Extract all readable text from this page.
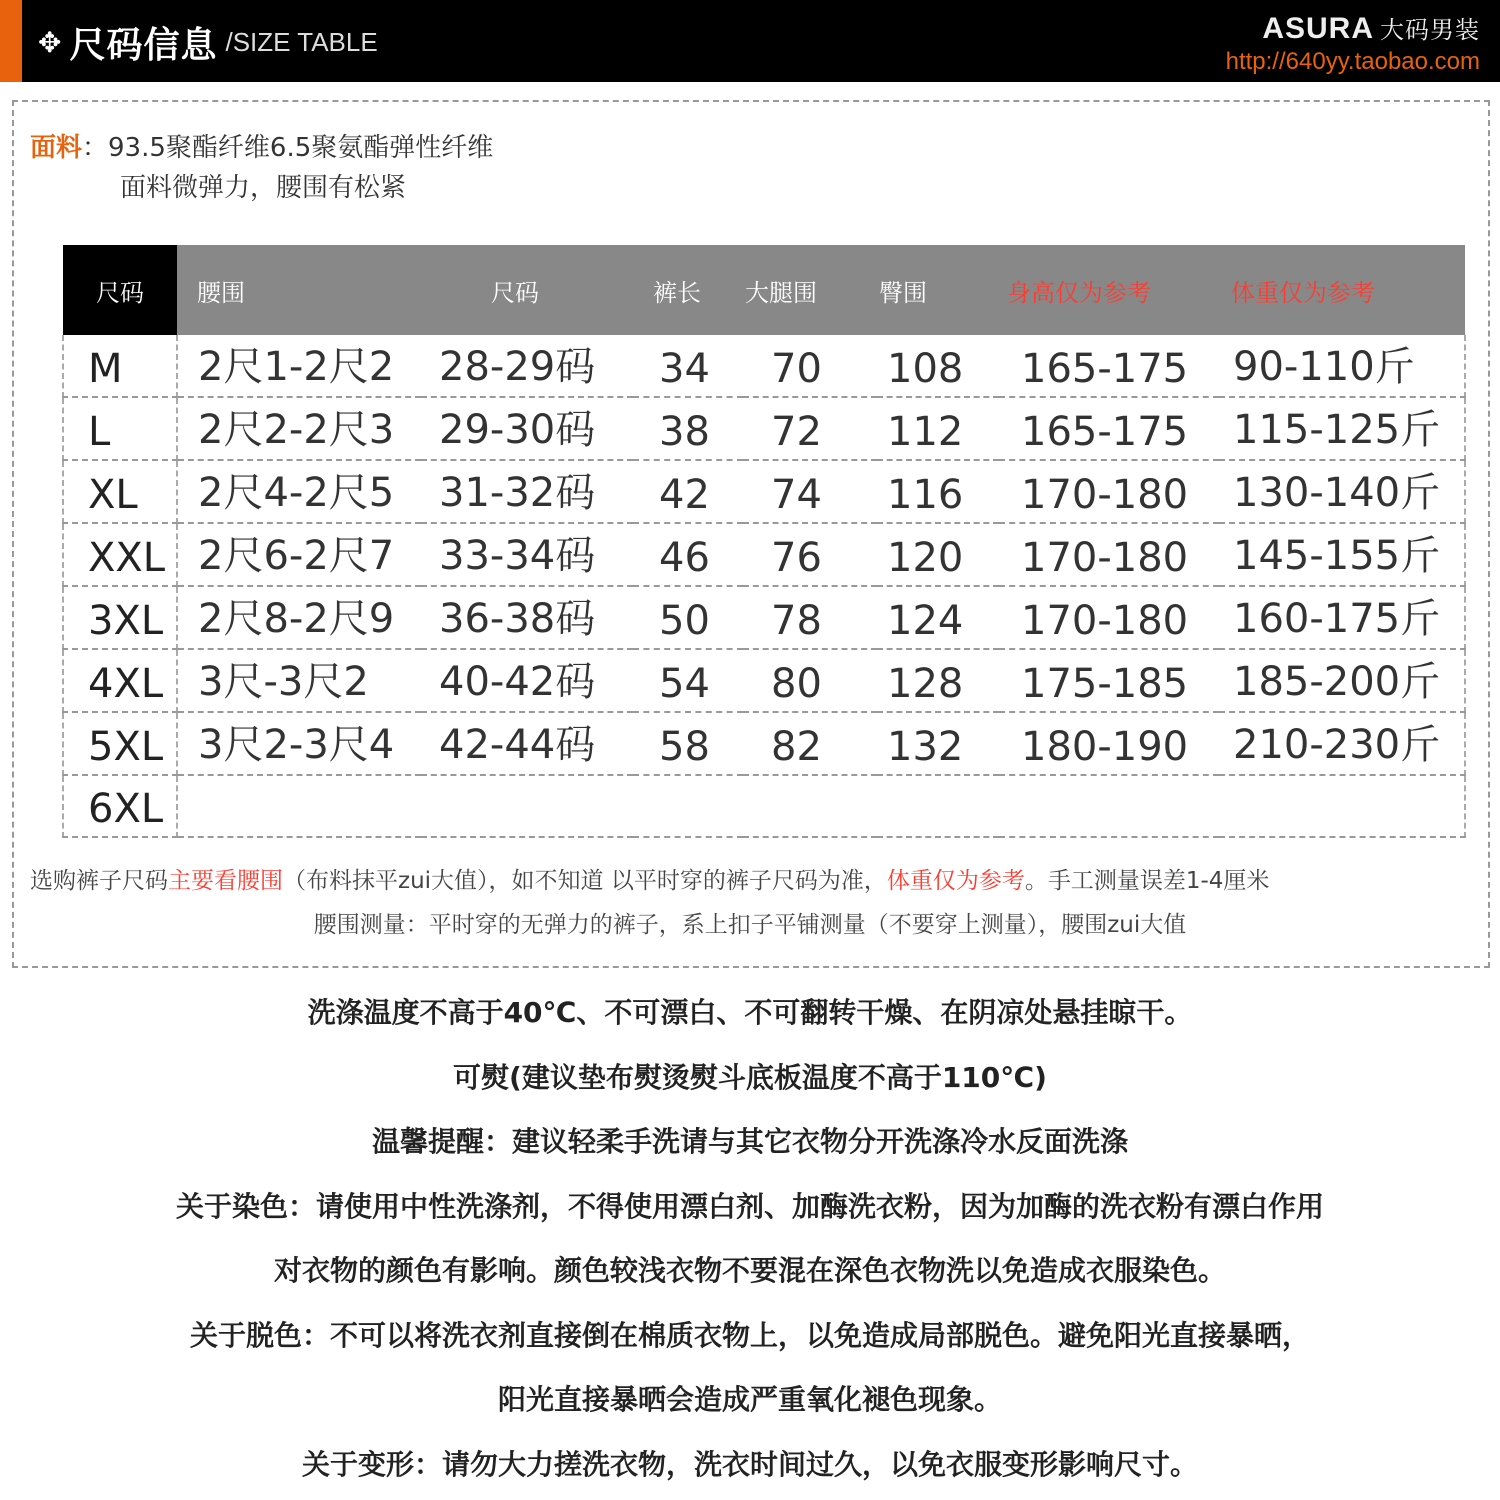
✥ 尺码信息 /SIZE TABLE	ASURA 大码男装
http://640yy.taobao.com
面料：93.5聚酯纤维6.5聚氨酯弹性纤维
面料微弹力，腰围有松紧
尺码	腰围	尺码	裤长	大腿围	臀围	身高仅为参考	体重仅为参考
M	2尺1-2尺2	28-29码	34	70	108	165-175	90-110斤
L	2尺2-2尺3	29-30码	38	72	112	165-175	115-125斤
XL	2尺4-2尺5	31-32码	42	74	116	170-180	130-140斤
XXL	2尺6-2尺7	33-34码	46	76	120	170-180	145-155斤
3XL	2尺8-2尺9	36-38码	50	78	124	170-180	160-175斤
4XL	3尺-3尺2	40-42码	54	80	128	175-185	185-200斤
5XL	3尺2-3尺4	42-44码	58	82	132	180-190	210-230斤
6XL							
选购裤子尺码主要看腰围（布料抹平zui大值），如不知道 以平时穿的裤子尺码为准，体重仅为参考。手工测量误差1-4厘米
腰围测量：平时穿的无弹力的裤子，系上扣子平铺测量（不要穿上测量），腰围zui大值

洗涤温度不高于40℃、不可漂白、不可翻转干燥、在阴凉处悬挂晾干。

可熨(建议垫布熨烫熨斗底板温度不高于110℃)

温馨提醒：建议轻柔手洗请与其它衣物分开洗涤冷水反面洗涤

关于染色：请使用中性洗涤剂，不得使用漂白剂、加酶洗衣粉，因为加酶的洗衣粉有漂白作用

对衣物的颜色有影响。颜色较浅衣物不要混在深色衣物洗以免造成衣服染色。

关于脱色：不可以将洗衣剂直接倒在棉质衣物上，以免造成局部脱色。避免阳光直接暴晒，

阳光直接暴晒会造成严重氧化褪色现象。

关于变形：请勿大力搓洗衣物，洗衣时间过久，以免衣服变形影响尺寸。
